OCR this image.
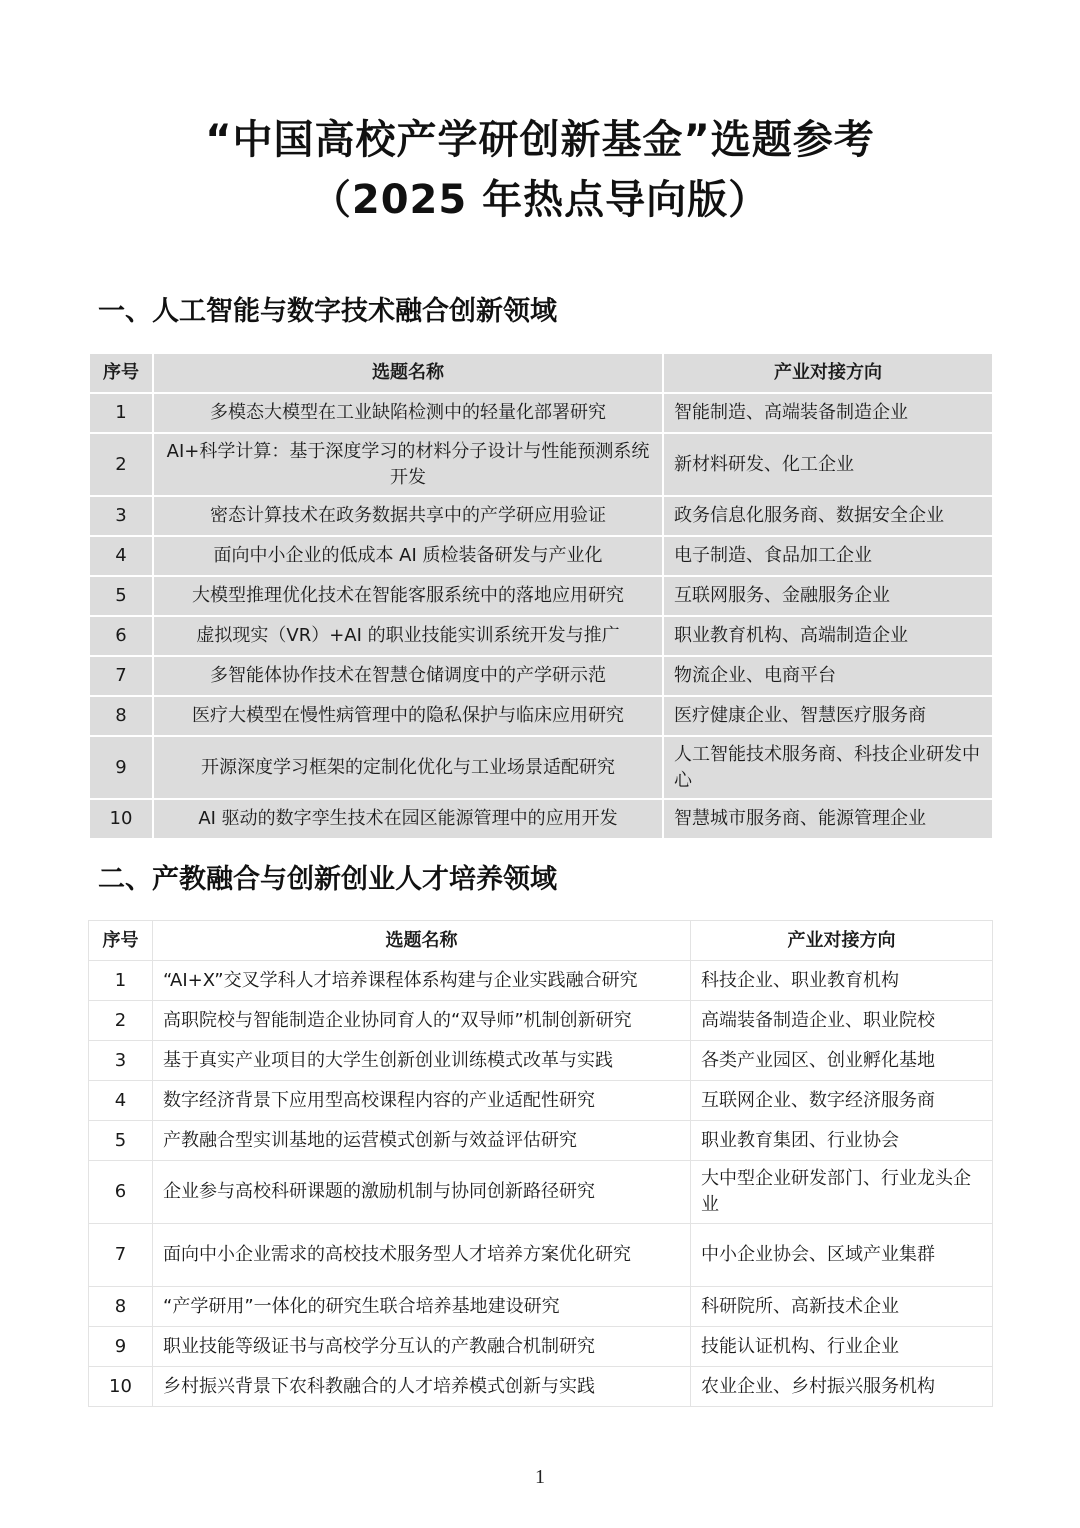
“中国高校产学研创新基金”选题参考
（2025 年热点导向版）
一、人工智能与数字技术融合创新领域
序号	选题名称	产业对接方向
1	多模态大模型在工业缺陷检测中的轻量化部署研究	智能制造、高端装备制造企业
2	AI+科学计算：基于深度学习的材料分子设计与性能预测系统开发	新材料研发、化工企业
3	密态计算技术在政务数据共享中的产学研应用验证	政务信息化服务商、数据安全企业
4	面向中小企业的低成本 AI 质检装备研发与产业化	电子制造、食品加工企业
5	大模型推理优化技术在智能客服系统中的落地应用研究	互联网服务、金融服务企业
6	虚拟现实（VR）+AI 的职业技能实训系统开发与推广	职业教育机构、高端制造企业
7	多智能体协作技术在智慧仓储调度中的产学研示范	物流企业、电商平台
8	医疗大模型在慢性病管理中的隐私保护与临床应用研究	医疗健康企业、智慧医疗服务商
9	开源深度学习框架的定制化优化与工业场景适配研究	人工智能技术服务商、科技企业研发中心
10	AI 驱动的数字孪生技术在园区能源管理中的应用开发	智慧城市服务商、能源管理企业
二、产教融合与创新创业人才培养领域
序号	选题名称	产业对接方向
1	“AI+X”交叉学科人才培养课程体系构建与企业实践融合研究	科技企业、职业教育机构
2	高职院校与智能制造企业协同育人的“双导师”机制创新研究	高端装备制造企业、职业院校
3	基于真实产业项目的大学生创新创业训练模式改革与实践	各类产业园区、创业孵化基地
4	数字经济背景下应用型高校课程内容的产业适配性研究	互联网企业、数字经济服务商
5	产教融合型实训基地的运营模式创新与效益评估研究	职业教育集团、行业协会
6	企业参与高校科研课题的激励机制与协同创新路径研究	大中型企业研发部门、行业龙头企业
7	面向中小企业需求的高校技术服务型人才培养方案优化研究	中小企业协会、区域产业集群
8	“产学研用”一体化的研究生联合培养基地建设研究	科研院所、高新技术企业
9	职业技能等级证书与高校学分互认的产教融合机制研究	技能认证机构、行业企业
10	乡村振兴背景下农科教融合的人才培养模式创新与实践	农业企业、乡村振兴服务机构
1
